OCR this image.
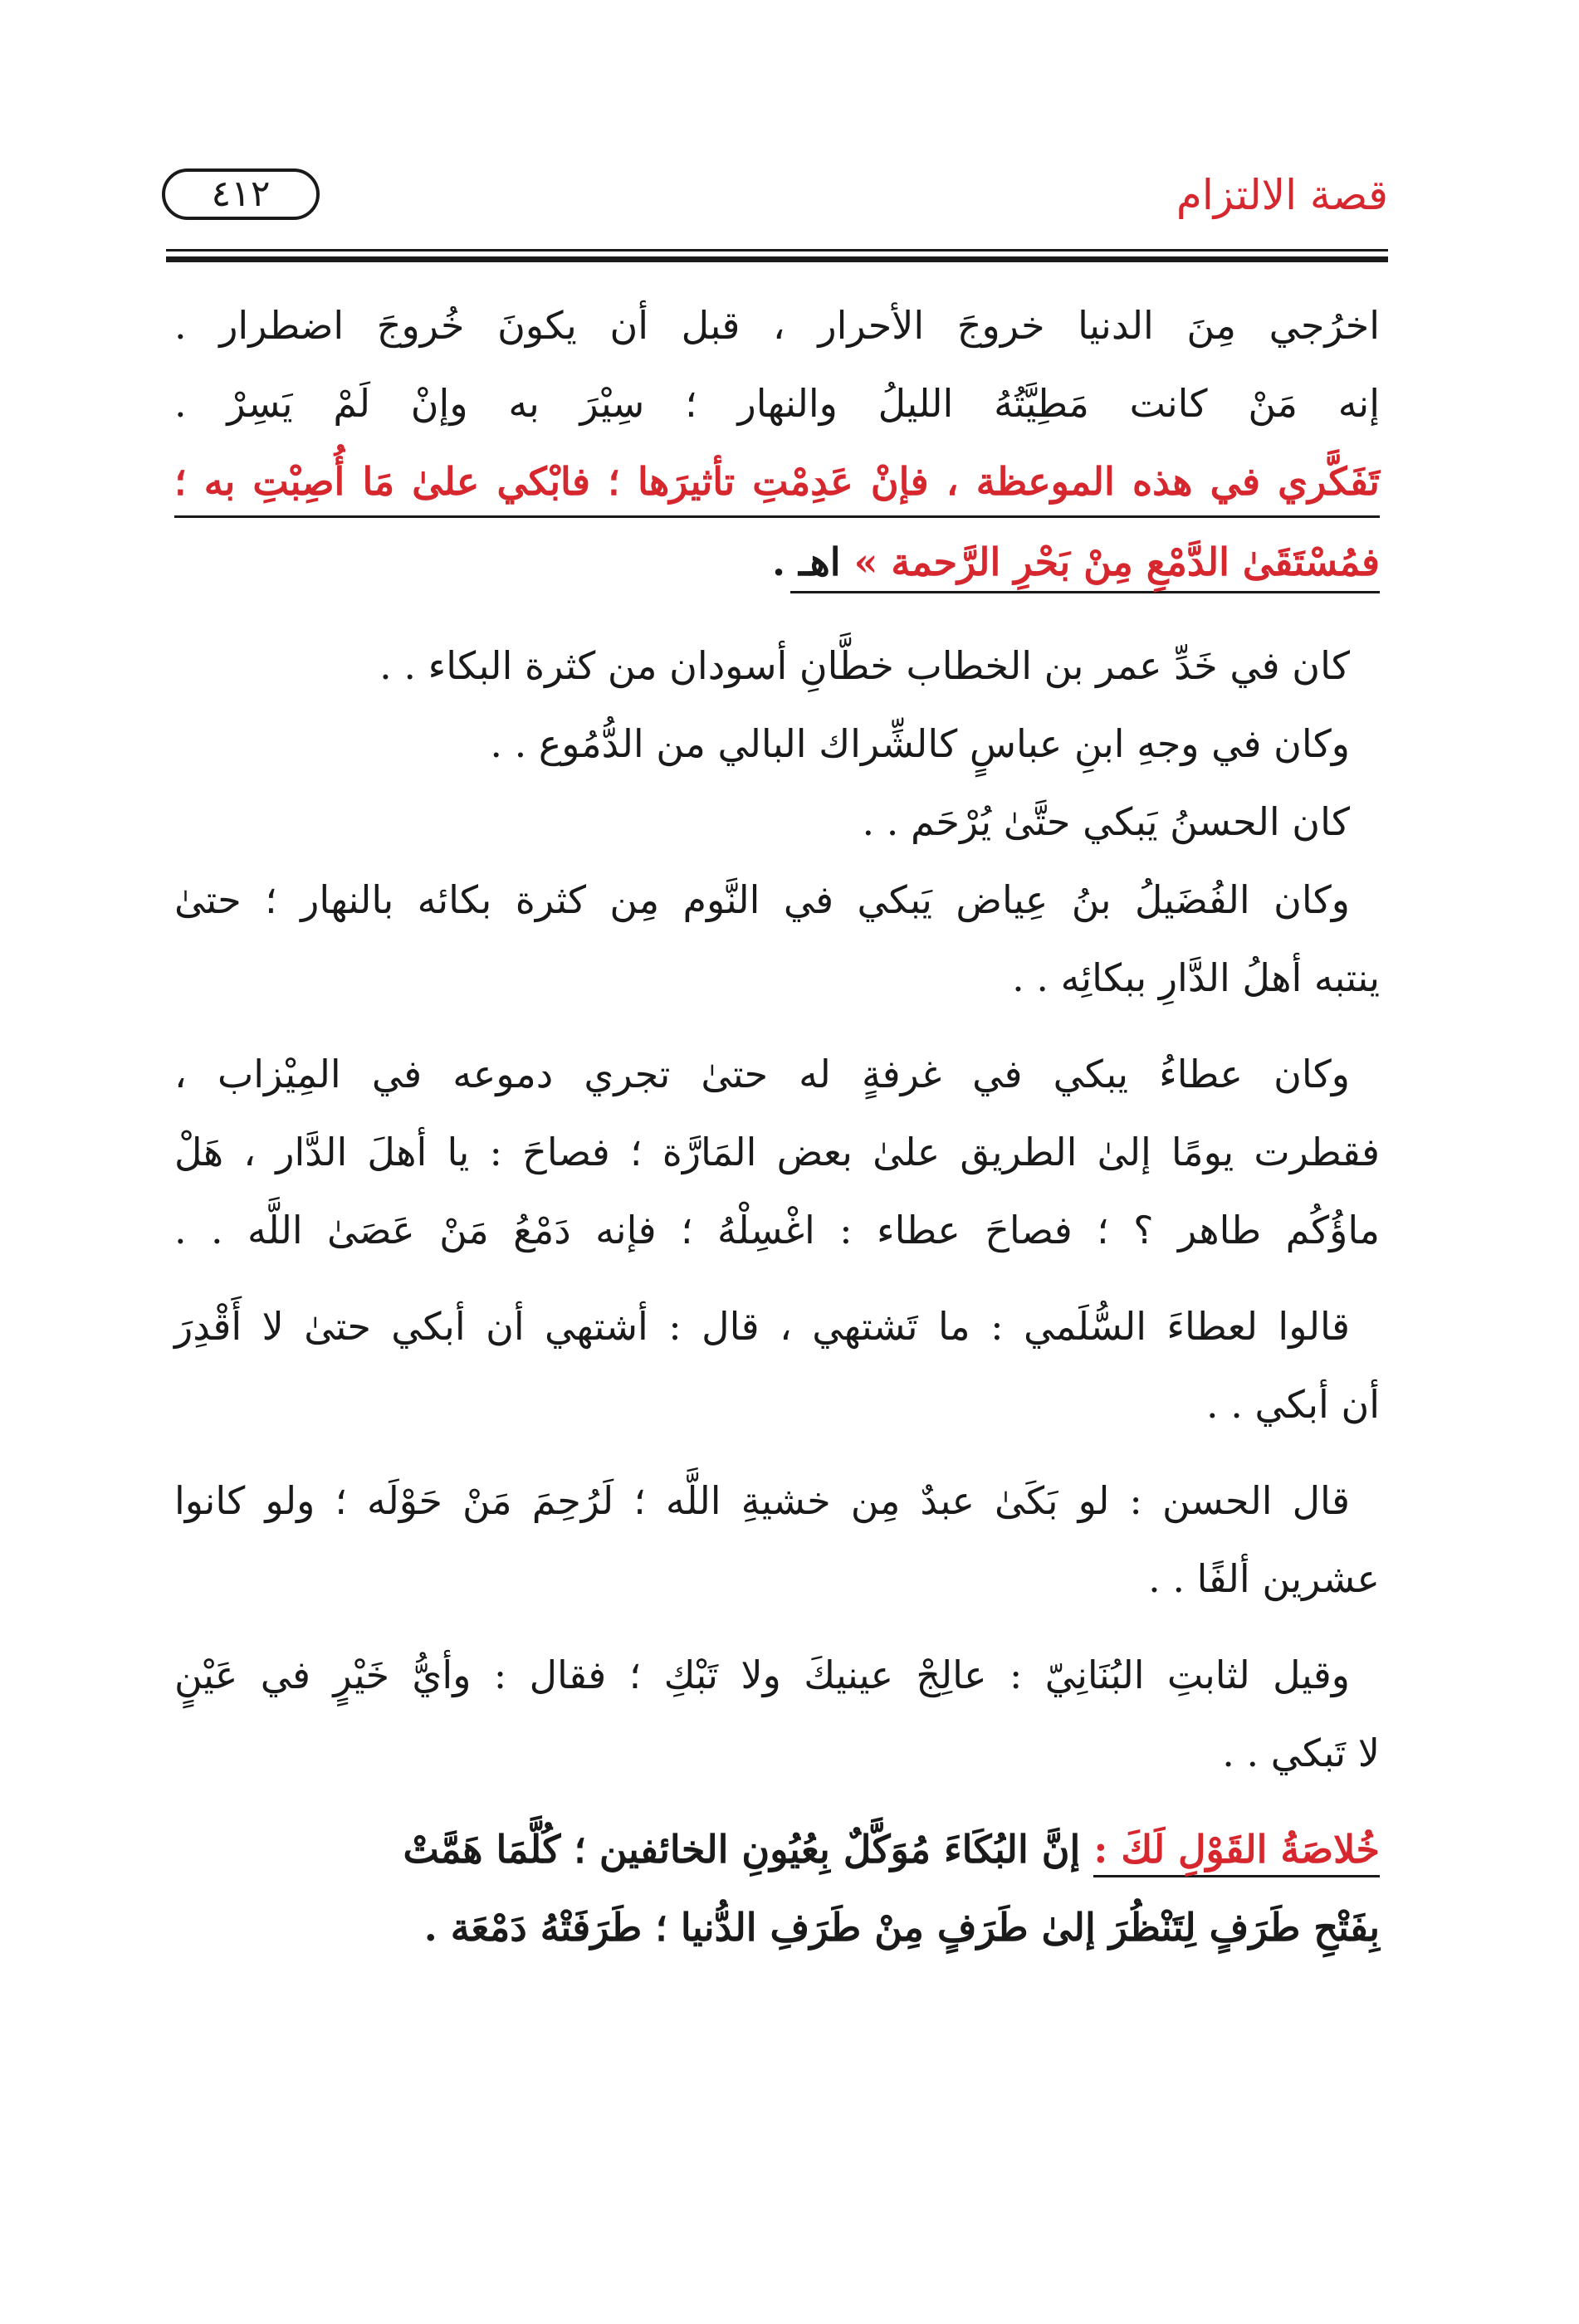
قصة الالتزام
٤١٢
اخرُجي مِنَ الدنيا خروجَ الأحرار ، قبل أن يكونَ خُروجَ اضطرار .
إنه مَنْ كانت مَطِيَّتُهُ الليلُ والنهار ؛ سِيْرَ به وإنْ لَمْ يَسِرْ .
تَفَكَّري في هذه الموعظة ، فإنْ عَدِمْتِ تأثيرَها ؛ فابْكي علىٰ مَا أُصِبْتِ به ؛
فمُسْتَقَىٰ الدَّمْعِ مِنْ بَحْرِ الرَّحمة » اهـ .
كان في خَدِّ عمر بن الخطاب خطَّانِ أسودان من كثرة البكاء . .
وكان في وجهِ ابنِ عباسٍ كالشِّراك البالي من الدُّمُوع . .
كان الحسنُ يَبكي حتَّىٰ يُرْحَم . .
وكان الفُضَيلُ بنُ عِياض يَبكي في النَّوم مِن كثرة بكائه بالنهار ؛ حتىٰ
ينتبه أهلُ الدَّارِ ببكائِه . .
وكان عطاءُ يبكي في غرفةٍ له حتىٰ تجري دموعه في المِيْزاب ،
فقطرت يومًا إلىٰ الطريق علىٰ بعض المَارَّة ؛ فصاحَ : يا أهلَ الدَّار ، هَلْ
ماؤُكُم طاهر ؟ ؛ فصاحَ عطاء : اغْسِلْهُ ؛ فإنه دَمْعُ مَنْ عَصَىٰ اللَّه . .
قالوا لعطاءَ السُّلَمي : ما تَشتهي ، قال : أشتهي أن أبكي حتىٰ لا أَقْدِرَ
أن أبكي . .
قال الحسن : لو بَكَىٰ عبدٌ مِن خشيةِ اللَّه ؛ لَرُحِمَ مَنْ حَوْلَه ؛ ولو كانوا
عشرين ألفًا . .
وقيل لثابتِ البُنَانِيّ : عالِجْ عينيكَ ولا تَبْكِ ؛ فقال : وأيُّ خَيْرٍ في عَيْنٍ
لا تَبكي . .
خُلاصَةُ القَوْلِ لَكَ : إنَّ البُكَاءَ مُوَكَّلٌ بِعُيُونِ الخائفين ؛ كُلَّمَا هَمَّتْ
بِفَتْحِ طَرَفٍ لِتَنْظُرَ إلىٰ طَرَفٍ مِنْ طَرَفِ الدُّنيا ؛ طَرَفَتْهُ دَمْعَة .
